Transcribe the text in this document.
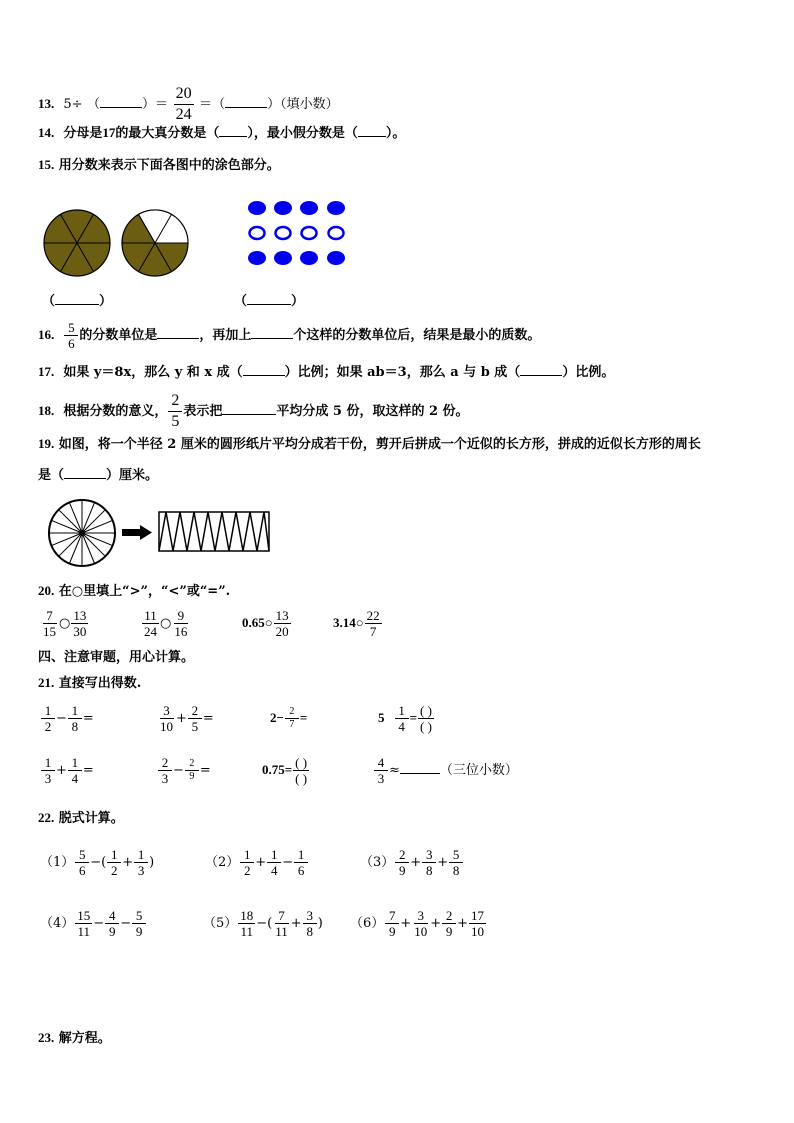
13. 5÷ （	）＝ $\frac{20}{24}$ ＝（	）（填小数）
14. 分母是17的最大真分数是（ ），最小假分数是（ ）。
15. 用分数来表示下面各图中的涂色部分。
（	）	（	）
16. $\frac{5}{6}$ 的分数单位是	，再加上	个这样的分数单位后，结果是最小的质数。
17. 如果 y＝8x，那么 y 和 x 成（	）比例；如果 ab＝3，那么 a 与 b 成（	）比例。
18. 根据分数的意义， $\frac{2}{5}$ 表示把	平均分成 5 份，取这样的 2 份。
19. 如图，将一个半径 2 厘米的圆形纸片平均分成若干份，剪开后拼成一个近似的长方形，拼成的近似长方形的周长
是（	）厘米。
20. 在○里填上“>”，“<”或“=”.
$\frac{7}{15}$ ○ $\frac{13}{30}$	$\frac{11}{24}$ ○ $\frac{9}{16}$	0.65○ $\frac{13}{20}$	3.14○ $\frac{22}{7}$
四、注意审题，用心计算。
21. 直接写出得数.
$\frac{1}{2} - \frac{1}{8}$ =	$\frac{3}{10} + \frac{2}{5}$ =	$2- \frac{2}{7}$ =	$5 \frac{1}{4} = \frac{( )}{( )}$
$\frac{1}{3} + \frac{1}{4}$ =	$\frac{2}{3} - \frac{2}{9}$ =	$0.75= \frac{( )}{( )}$	$\frac{4}{3}$ ≈	（三位小数）
22. 脱式计算。
$(1) \frac{5}{6}$ −( $\frac{1}{2} + \frac{1}{3}$ )	$(2) \frac{1}{2} + \frac{1}{4} - \frac{1}{6}$	$(3) \frac{2}{9} + \frac{3}{8} + \frac{5}{8}$
$(4) \frac{15}{11} - \frac{4}{9} - \frac{5}{9}$	$(5) \frac{18}{11}$ −( $\frac{7}{11} + \frac{3}{8}$ ) $(6) \frac{7}{9} + \frac{3}{10} + \frac{2}{9} + \frac{17}{10}$
23. 解方程。
